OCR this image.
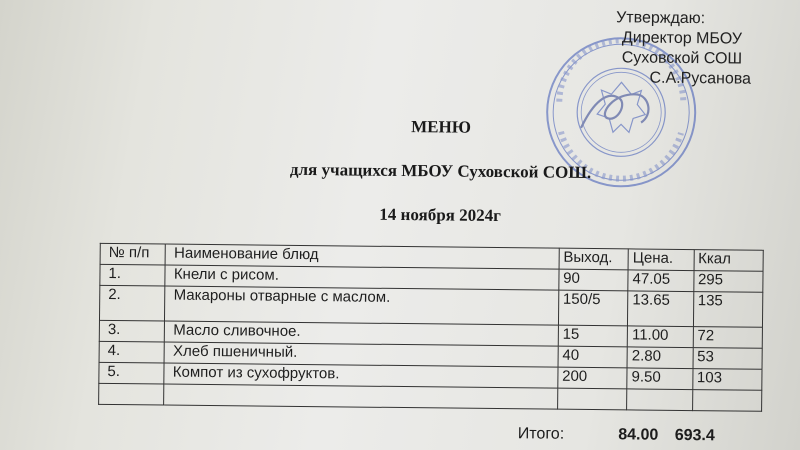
Утверждаю:
Директор МБОУ
Суховской СОШ
С.А.Русанова
МЕНЮ
для учащихся МБОУ Суховской СОШ.
14 ноября 2024г
№ п/п	Наименование блюд	Выход.	Цена.	Ккал
1.	Кнели с рисом.	90	47.05	295
2.	Макароны отварные с маслом.	150/5	13.65	135
3.	Масло сливочное.	15	11.00	72
4.	Хлеб пшеничный.	40	2.80	53
5.	Компот из сухофруктов.	200	9.50	103

Итого:	84.00 693.4
